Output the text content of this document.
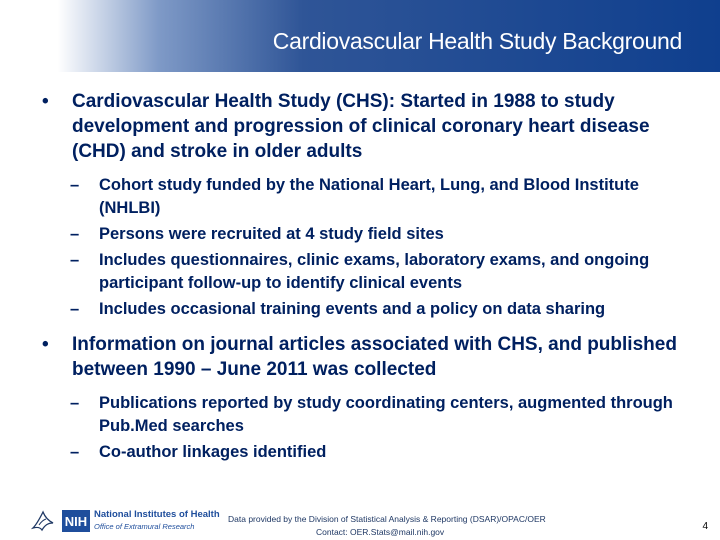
Cardiovascular Health Study Background
• Cardiovascular Health Study (CHS): Started in 1988 to study development and progression of clinical coronary heart disease (CHD) and stroke in older adults
– Cohort study funded by the National Heart, Lung, and Blood Institute (NHLBI)
– Persons were recruited at 4 study field sites
– Includes questionnaires, clinic exams, laboratory exams, and ongoing participant follow-up to identify clinical events
– Includes occasional training events and a policy on data sharing
• Information on journal articles associated with CHS, and published between 1990 – June 2011 was collected
– Publications reported by study coordinating centers, augmented through Pub.Med searches
– Co-author linkages identified
NIH National Institutes of Health
Office of Extramural Research
Data provided by the Division of Statistical Analysis & Reporting (DSAR)/OPAC/OER
Contact: OER.Stats@mail.nih.gov	4
